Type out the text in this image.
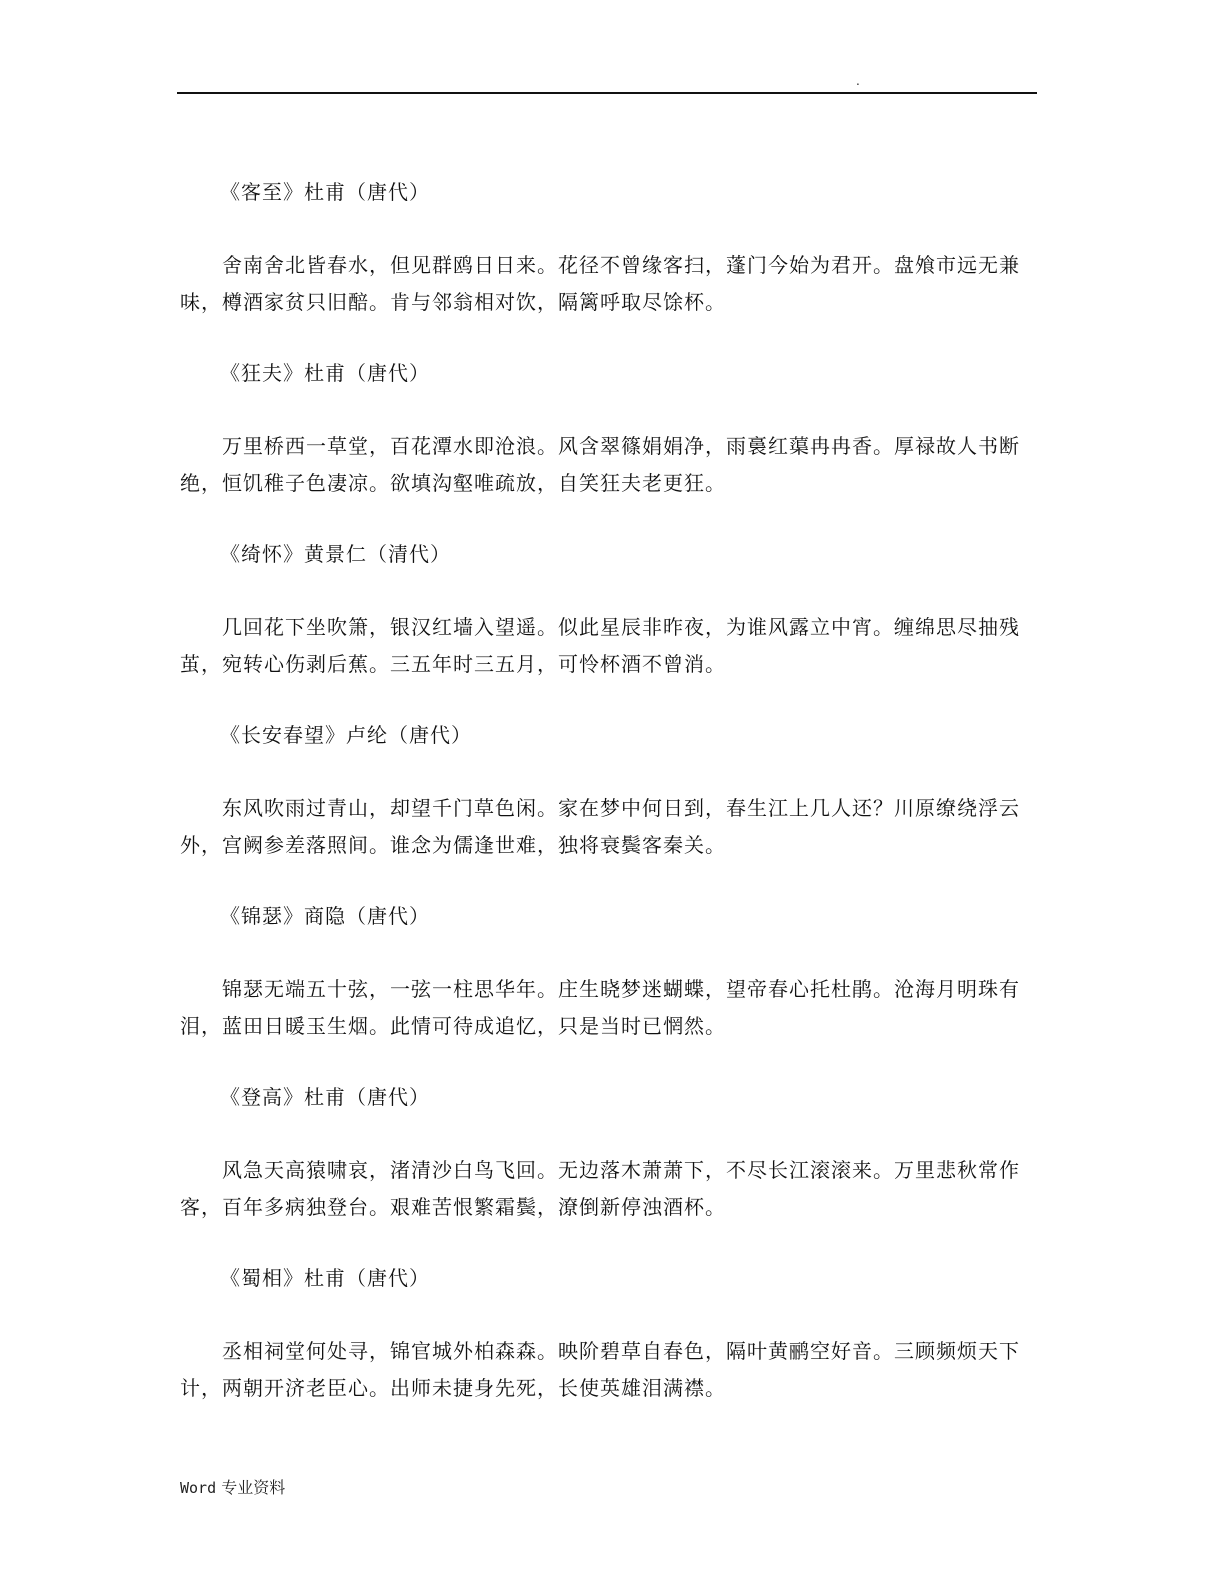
.

《客至》杜甫（唐代）

舍南舍北皆春水，但见群鸥日日来。花径不曾缘客扫，蓬门今始为君开。盘飧市远无兼味，樽酒家贫只旧醅。肯与邻翁相对饮，隔篱呼取尽馀杯。

《狂夫》杜甫（唐代）

万里桥西一草堂，百花潭水即沧浪。风含翠篠娟娟净，雨裛红蕖冉冉香。厚禄故人书断绝，恒饥稚子色凄凉。欲填沟壑唯疏放，自笑狂夫老更狂。

《绮怀》黄景仁（清代）

几回花下坐吹箫，银汉红墙入望遥。似此星辰非昨夜，为谁风露立中宵。缠绵思尽抽残茧，宛转心伤剥后蕉。三五年时三五月，可怜杯酒不曾消。

《长安春望》卢纶（唐代）

东风吹雨过青山，却望千门草色闲。家在梦中何日到，春生江上几人还？川原缭绕浮云外，宫阙参差落照间。谁念为儒逢世难，独将衰鬓客秦关。

《锦瑟》商隐（唐代）

锦瑟无端五十弦，一弦一柱思华年。庄生晓梦迷蝴蝶，望帝春心托杜鹃。沧海月明珠有泪，蓝田日暖玉生烟。此情可待成追忆，只是当时已惘然。

《登高》杜甫（唐代）

风急天高猿啸哀，渚清沙白鸟飞回。无边落木萧萧下，不尽长江滚滚来。万里悲秋常作客，百年多病独登台。艰难苦恨繁霜鬓，潦倒新停浊酒杯。

《蜀相》杜甫（唐代）

丞相祠堂何处寻，锦官城外柏森森。映阶碧草自春色，隔叶黄鹂空好音。三顾频烦天下计，两朝开济老臣心。出师未捷身先死，长使英雄泪满襟。

Word 专业资料
